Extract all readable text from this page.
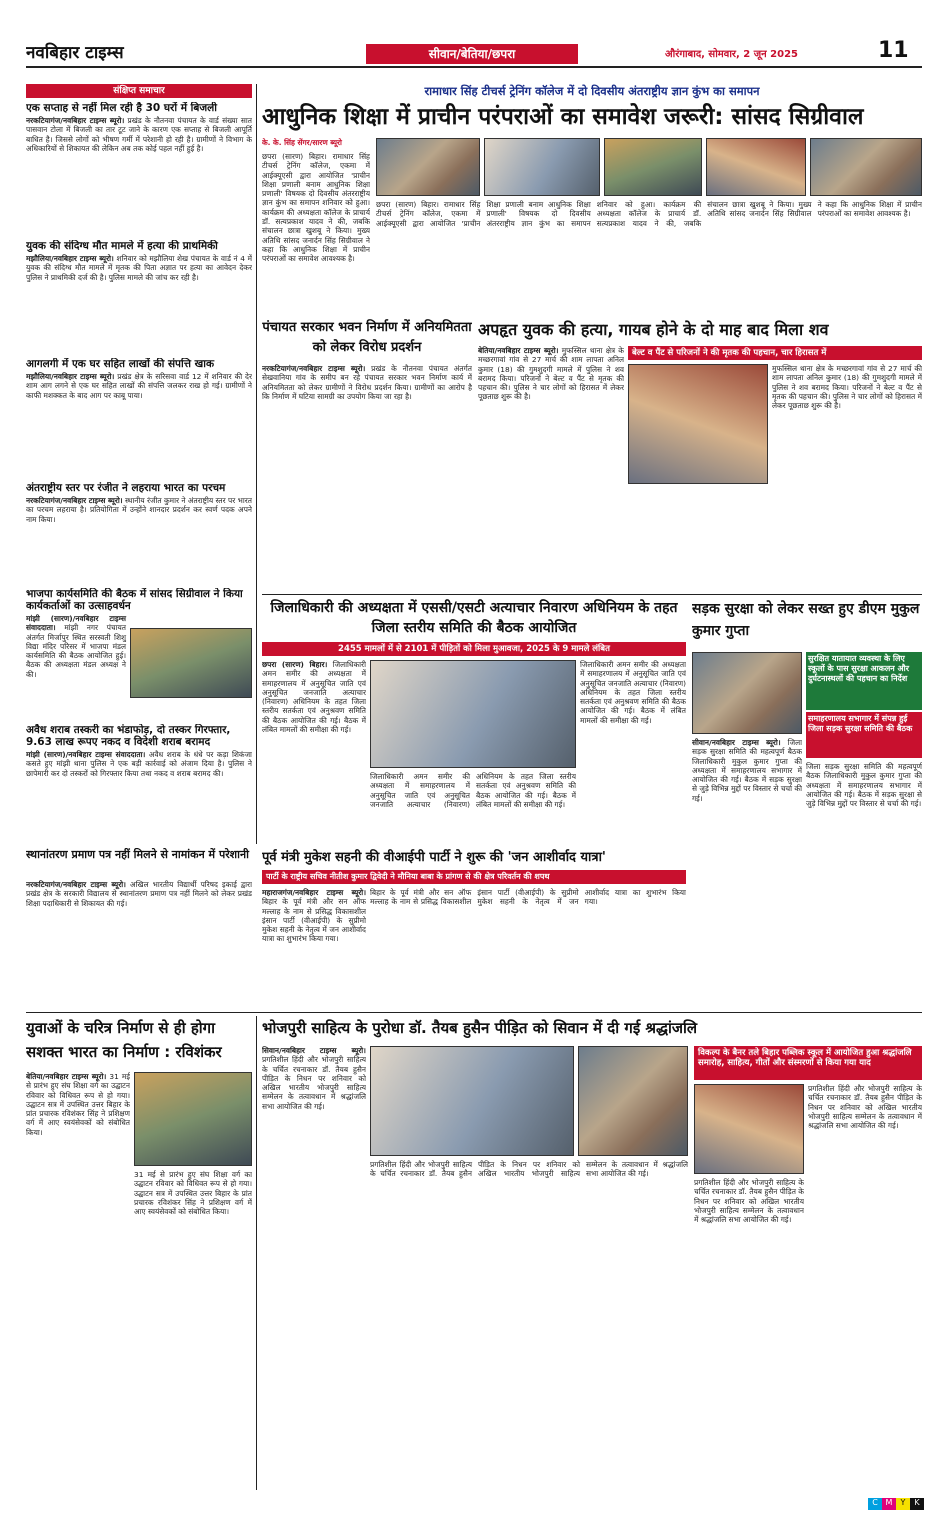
नवबिहार टाइम्स	सीवान/बेतिया/छपरा	औरंगाबाद, सोमवार, 2 जून 2025	11
संक्षिप्त समाचार
एक सप्ताह से नहीं मिल रही है 30 घरों में बिजली
नरकटियागंज/नवबिहार टाइम्स ब्यूरो। प्रखंड के नौतनवा पंचायत के वार्ड संख्या सात पासवान टोला में बिजली का तार टूट जाने के कारण एक सप्ताह से बिजली आपूर्ति बाधित है। जिससे लोगों को भीषण गर्मी में परेशानी हो रही है। ग्रामीणों ने विभाग के अधिकारियों से शिकायत की लेकिन अब तक कोई पहल नहीं हुई है।
युवक की संदिग्ध मौत मामले में हत्या की प्राथमिकी
मझौलिया/नवबिहार टाइम्स ब्यूरो। शनिवार को मझौलिया शेख पंचायत के वार्ड नं 4 में युवक की संदिग्ध मौत मामले में मृतक की पिता अज्ञात पर हत्या का आवेदन देकर पुलिस ने प्राथमिकी दर्ज की है। पुलिस मामले की जांच कर रही है।
आगलगी में एक घर सहित लाखों की संपत्ति खाक
मझौलिया/नवबिहार टाइम्स ब्यूरो। प्रखंड क्षेत्र के सरिसवा वार्ड 12 में शनिवार की देर शाम आग लगने से एक घर सहित लाखों की संपत्ति जलकर राख हो गई। ग्रामीणों ने काफी मशक्कत के बाद आग पर काबू पाया।
अंतराष्ट्रीय स्तर पर रंजीत ने लहराया भारत का परचम
नरकटियागंज/नवबिहार टाइम्स ब्यूरो। स्थानीय रंजीत कुमार ने अंतराष्ट्रीय स्तर पर भारत का परचम लहराया है। प्रतियोगिता में उन्होंने शानदार प्रदर्शन कर स्वर्ण पदक अपने नाम किया।
भाजपा कार्यसमिति की बैठक में सांसद सिग्रीवाल ने किया कार्यकर्ताओं का उत्साहवर्धन
मांझी (सारण)/नवबिहार टाइम्स संवाददाता। मांझी नगर पंचायत अंतर्गत मिर्जापुर स्थित सरस्वती शिशु विद्या मंदिर परिसर में भाजपा मंडल कार्यसमिति की बैठक आयोजित हुई। बैठक की अध्यक्षता मंडल अध्यक्ष ने की।
अवैध शराब तस्करी का भंडाफोड़, दो तस्कर गिरफ्तार, 9.63 लाख रूपए नकद व विदेशी शराब बरामद
मांझी (सारण)/नवबिहार टाइम्स संवाददाता। अवैध शराब के धंधे पर कड़ा शिकंजा कसते हुए मांझी थाना पुलिस ने एक बड़ी कार्रवाई को अंजाम दिया है। पुलिस ने छापेमारी कर दो तस्करों को गिरफ्तार किया तथा नकद व शराब बरामद की।
रामाधार सिंह टीचर्स ट्रेनिंग कॉलेज में दो दिवसीय अंतराष्ट्रीय ज्ञान कुंभ का समापन
आधुनिक शिक्षा में प्राचीन परंपराओं का समावेश जरूरी: सांसद सिग्रीवाल
के. के. सिंह सेंगर/सारण ब्यूरो
छपरा (सारण) बिहार। रामाधार सिंह टीचर्स ट्रेनिंग कॉलेज, एकमा में आईक्यूएसी द्वारा आयोजित 'प्राचीन शिक्षा प्रणाली बनाम आधुनिक शिक्षा प्रणाली' विषयक दो दिवसीय अंतरराष्ट्रीय ज्ञान कुंभ का समापन शनिवार को हुआ। कार्यक्रम की अध्यक्षता कॉलेज के प्राचार्य डॉ. सत्यप्रकाश यादव ने की, जबकि संचालन छात्रा खुशबू ने किया। मुख्य अतिथि सांसद जनार्दन सिंह सिग्रीवाल ने कहा कि आधुनिक शिक्षा में प्राचीन परंपराओं का समावेश आवश्यक है।
छपरा (सारण) बिहार। रामाधार सिंह टीचर्स ट्रेनिंग कॉलेज, एकमा में आईक्यूएसी द्वारा आयोजित 'प्राचीन शिक्षा प्रणाली बनाम आधुनिक शिक्षा प्रणाली' विषयक दो दिवसीय अंतरराष्ट्रीय ज्ञान कुंभ का समापन शनिवार को हुआ। कार्यक्रम की अध्यक्षता कॉलेज के प्राचार्य डॉ. सत्यप्रकाश यादव ने की, जबकि संचालन छात्रा खुशबू ने किया। मुख्य अतिथि सांसद जनार्दन सिंह सिग्रीवाल ने कहा कि आधुनिक शिक्षा में प्राचीन परंपराओं का समावेश आवश्यक है।
पंचायत सरकार भवन निर्माण में अनियमितता को लेकर विरोध प्रदर्शन
नरकटियागंज/नवबिहार टाइम्स ब्यूरो। प्रखंड के नौतनवा पंचायत अंतर्गत सेखवानिया गांव के समीप बन रहे पंचायत सरकार भवन निर्माण कार्य में अनियमितता को लेकर ग्रामीणों ने विरोध प्रदर्शन किया। ग्रामीणों का आरोप है कि निर्माण में घटिया सामग्री का उपयोग किया जा रहा है।
अपहृत युवक की हत्या, गायब होने के दो माह बाद मिला शव
बेल्ट व पैंट से परिजनों ने की मृतक की पहचान, चार हिरासत में
बेतिया/नवबिहार टाइम्स ब्यूरो। मुफस्सिल थाना क्षेत्र के मच्छरगावां गांव से 27 मार्च की शाम लापता अनिल कुमार (18) की गुमशुदगी मामले में पुलिस ने शव बरामद किया। परिजनों ने बेल्ट व पैंट से मृतक की पहचान की। पुलिस ने चार लोगों को हिरासत में लेकर पूछताछ शुरू की है।
मुफस्सिल थाना क्षेत्र के मच्छरगावां गांव से 27 मार्च की शाम लापता अनिल कुमार (18) की गुमशुदगी मामले में पुलिस ने शव बरामद किया। परिजनों ने बेल्ट व पैंट से मृतक की पहचान की। पुलिस ने चार लोगों को हिरासत में लेकर पूछताछ शुरू की है।
जिलाधिकारी की अध्यक्षता में एससी/एसटी अत्याचार निवारण अधिनियम के तहत जिला स्तरीय समिति की बैठक आयोजित
2455 मामलों में से 2101 में पीड़ितों को मिला मुआवजा, 2025 के 9 मामले लंबित
छपरा (सारण) बिहार। जिलाधिकारी अमन समीर की अध्यक्षता में समाहरणालय में अनुसूचित जाति एवं अनुसूचित जनजाति अत्याचार (निवारण) अधिनियम के तहत जिला स्तरीय सतर्कता एवं अनुश्रवण समिति की बैठक आयोजित की गई। बैठक में लंबित मामलों की समीक्षा की गई।
जिलाधिकारी अमन समीर की अध्यक्षता में समाहरणालय में अनुसूचित जाति एवं अनुसूचित जनजाति अत्याचार (निवारण) अधिनियम के तहत जिला स्तरीय सतर्कता एवं अनुश्रवण समिति की बैठक आयोजित की गई। बैठक में लंबित मामलों की समीक्षा की गई।
जिलाधिकारी अमन समीर की अध्यक्षता में समाहरणालय में अनुसूचित जाति एवं अनुसूचित जनजाति अत्याचार (निवारण) अधिनियम के तहत जिला स्तरीय सतर्कता एवं अनुश्रवण समिति की बैठक आयोजित की गई। बैठक में लंबित मामलों की समीक्षा की गई।
सड़क सुरक्षा को लेकर सख्त हुए डीएम मुकुल कुमार गुप्ता
सुरक्षित यातायात व्यवस्था के लिए स्कूलों के पास सुरक्षा आकलन और दुर्घटनास्थलों की पहचान का निर्देश
समाहरणालय सभागार में संपन्न हुई जिला सड़क सुरक्षा समिति की बैठक
सीवान/नवबिहार टाइम्स ब्यूरो। जिला सड़क सुरक्षा समिति की महत्वपूर्ण बैठक जिलाधिकारी मुकुल कुमार गुप्ता की अध्यक्षता में समाहरणालय सभागार में आयोजित की गई। बैठक में सड़क सुरक्षा से जुड़े विभिन्न मुद्दों पर विस्तार से चर्चा की गई।
जिला सड़क सुरक्षा समिति की महत्वपूर्ण बैठक जिलाधिकारी मुकुल कुमार गुप्ता की अध्यक्षता में समाहरणालय सभागार में आयोजित की गई। बैठक में सड़क सुरक्षा से जुड़े विभिन्न मुद्दों पर विस्तार से चर्चा की गई।
पूर्व मंत्री मुकेश सहनी की वीआईपी पार्टी ने शुरू की 'जन आशीर्वाद यात्रा'
पार्टी के राष्ट्रीय सचिव नीतीश कुमार द्विवेदी ने मौनिया बाबा के प्रांगण से की क्षेत्र परिवर्तन की शपथ
महाराजगंज/नवबिहार टाइम्स ब्यूरो। बिहार के पूर्व मंत्री और सन ऑफ मल्लाह के नाम से प्रसिद्ध विकासशील इंसान पार्टी (वीआईपी) के सुप्रीमो मुकेश सहनी के नेतृत्व में जन आशीर्वाद यात्रा का शुभारंभ किया गया।
बिहार के पूर्व मंत्री और सन ऑफ मल्लाह के नाम से प्रसिद्ध विकासशील इंसान पार्टी (वीआईपी) के सुप्रीमो मुकेश सहनी के नेतृत्व में जन आशीर्वाद यात्रा का शुभारंभ किया गया।
स्थानांतरण प्रमाण पत्र नहीं मिलने से नामांकन में परेशानी
नरकटियागंज/नवबिहार टाइम्स ब्यूरो। अखिल भारतीय विद्यार्थी परिषद इकाई द्वारा प्रखंड क्षेत्र के सरकारी विद्यालय से स्थानांतरण प्रमाण पत्र नहीं मिलने को लेकर प्रखंड शिक्षा पदाधिकारी से शिकायत की गई।
युवाओं के चरित्र निर्माण से ही होगा सशक्त भारत का निर्माण : रविशंकर
बेतिया/नवबिहार टाइम्स ब्यूरो। 31 मई से प्रारंभ हुए संघ शिक्षा वर्ग का उद्घाटन रविवार को विधिवत रूप से हो गया। उद्घाटन सत्र में उपस्थित उत्तर बिहार के प्रांत प्रचारक रविशंकर सिंह ने प्रशिक्षण वर्ग में आए स्वयंसेवकों को संबोधित किया।
31 मई से प्रारंभ हुए संघ शिक्षा वर्ग का उद्घाटन रविवार को विधिवत रूप से हो गया। उद्घाटन सत्र में उपस्थित उत्तर बिहार के प्रांत प्रचारक रविशंकर सिंह ने प्रशिक्षण वर्ग में आए स्वयंसेवकों को संबोधित किया।
भोजपुरी साहित्य के पुरोधा डॉ. तैयब हुसैन पीड़ित को सिवान में दी गई श्रद्धांजलि
सिवान/नवबिहार टाइम्स ब्यूरो। प्रगतिशील हिंदी और भोजपुरी साहित्य के चर्चित रचनाकार डॉ. तैयब हुसैन पीड़ित के निधन पर शनिवार को अखिल भारतीय भोजपुरी साहित्य सम्मेलन के तत्वावधान में श्रद्धांजलि सभा आयोजित की गई।
प्रगतिशील हिंदी और भोजपुरी साहित्य के चर्चित रचनाकार डॉ. तैयब हुसैन पीड़ित के निधन पर शनिवार को अखिल भारतीय भोजपुरी साहित्य सम्मेलन के तत्वावधान में श्रद्धांजलि सभा आयोजित की गई।
विकल्प के बैनर तले बिहार पब्लिक स्कूल में आयोजित हुआ श्रद्धांजलि समारोह, साहित्य, गीतों और संस्मरणों से किया गया याद
प्रगतिशील हिंदी और भोजपुरी साहित्य के चर्चित रचनाकार डॉ. तैयब हुसैन पीड़ित के निधन पर शनिवार को अखिल भारतीय भोजपुरी साहित्य सम्मेलन के तत्वावधान में श्रद्धांजलि सभा आयोजित की गई।
प्रगतिशील हिंदी और भोजपुरी साहित्य के चर्चित रचनाकार डॉ. तैयब हुसैन पीड़ित के निधन पर शनिवार को अखिल भारतीय भोजपुरी साहित्य सम्मेलन के तत्वावधान में श्रद्धांजलि सभा आयोजित की गई।
C M	Y	K
